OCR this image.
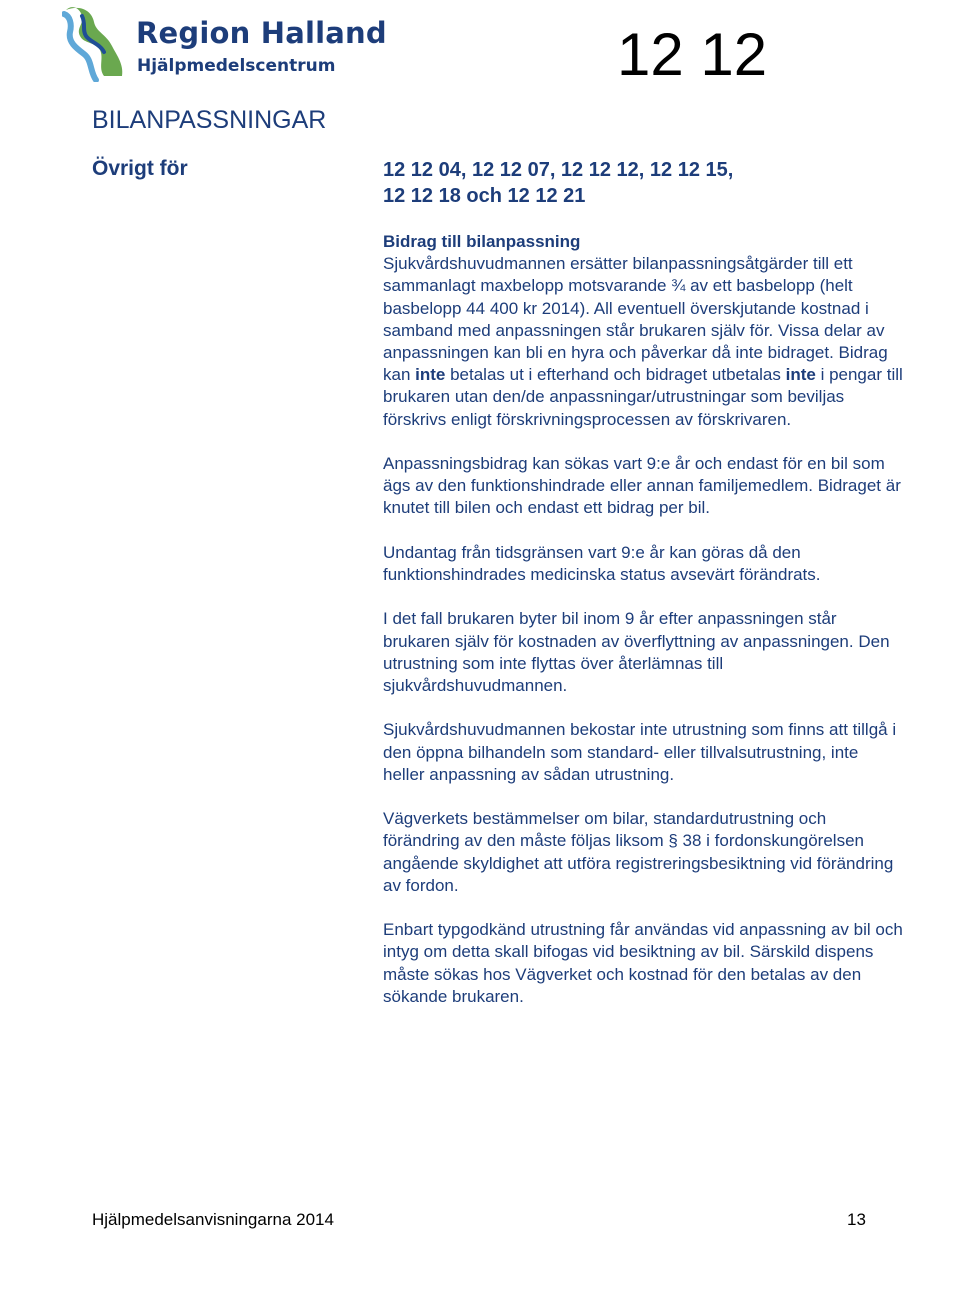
Region Halland
Hjälpmedelscentrum	12 12
BILANPASSNINGAR
Övrigt för	12 12 04, 12 12 07, 12 12 12, 12 12 15,
12 12 18 och 12 12 21

Bidrag till bilanpassning
Sjukvårdshuvudmannen ersätter bilanpassningsåtgärder till ett sammanlagt maxbelopp motsvarande ¾ av ett basbelopp (helt basbelopp 44 400 kr 2014). All eventuell överskjutande kostnad i samband med anpassningen står brukaren själv för. Vissa delar av anpassningen kan bli en hyra och påverkar då inte bidraget. Bidrag kan inte betalas ut i efterhand och bidraget utbetalas inte i pengar till brukaren utan den/de anpassningar/utrustningar som beviljas förskrivs enligt förskrivningsprocessen av förskrivaren.

Anpassningsbidrag kan sökas vart 9:e år och endast för en bil som ägs av den funktionshindrade eller annan familjemedlem. Bidraget är knutet till bilen och endast ett bidrag per bil.

Undantag från tidsgränsen vart 9:e år kan göras då den funktionshindrades medicinska status avsevärt förändrats.

I det fall brukaren byter bil inom 9 år efter anpassningen står brukaren själv för kostnaden av överflyttning av anpassningen. Den utrustning som inte flyttas över återlämnas till sjukvårdshuvudmannen.

Sjukvårdshuvudmannen bekostar inte utrustning som finns att tillgå i den öppna bilhandeln som standard- eller tillvalsutrustning, inte heller anpassning av sådan utrustning.

Vägverkets bestämmelser om bilar, standardutrustning och förändring av den måste följas liksom § 38 i fordonskungörelsen angående skyldighet att utföra registreringsbesiktning vid förändring av fordon.

Enbart typgodkänd utrustning får användas vid anpassning av bil och intyg om detta skall bifogas vid besiktning av bil. Särskild dispens måste sökas hos Vägverket och kostnad för den betalas av den sökande brukaren.

Hjälpmedelsanvisningarna 2014	13
